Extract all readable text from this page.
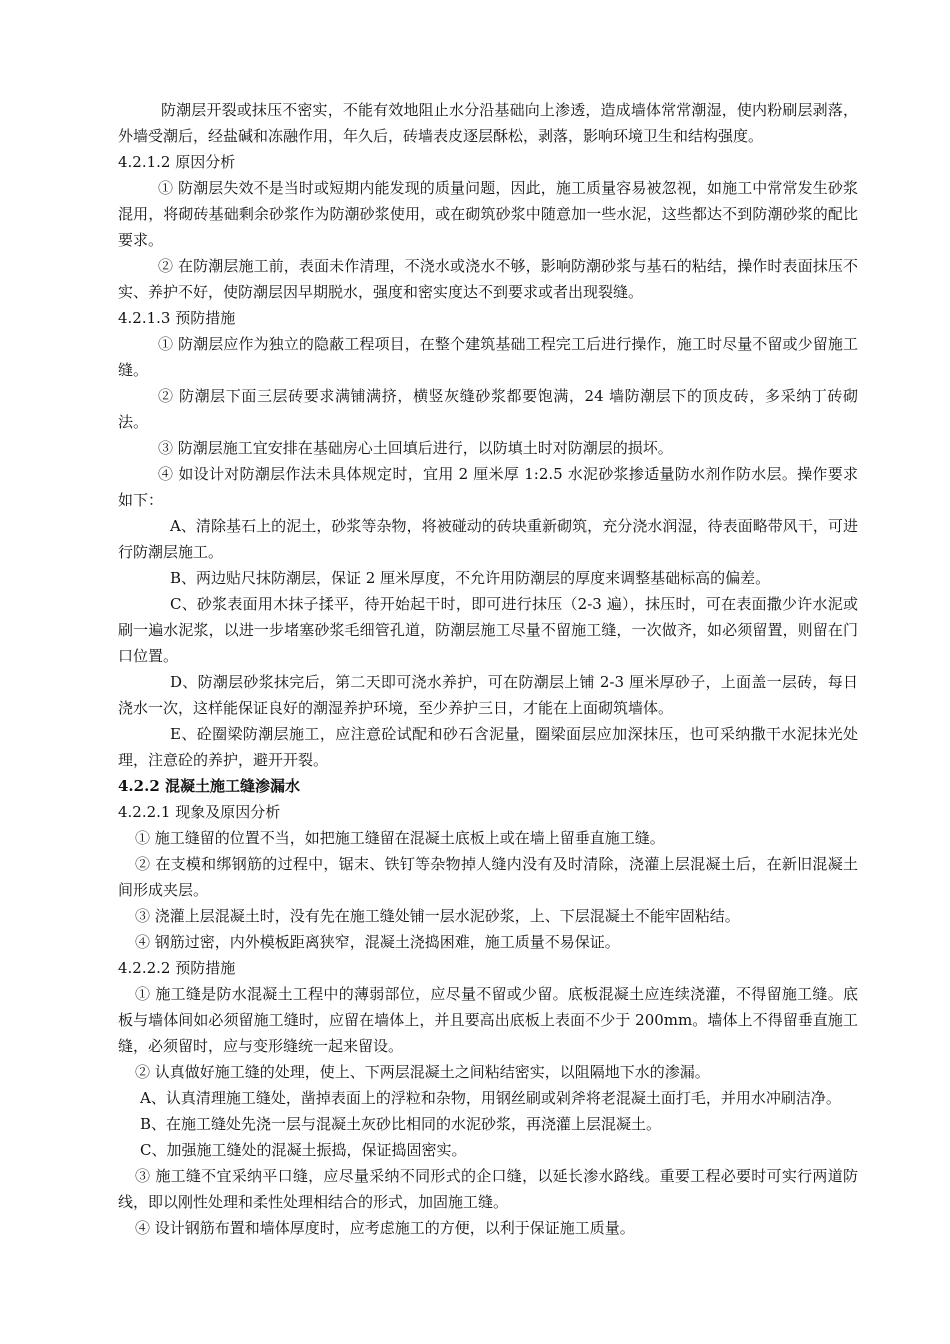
防潮层开裂或抹压不密实，不能有效地阻止水分沿基础向上渗透，造成墙体常常潮湿，使内粉刷层剥落，外墙受潮后，经盐碱和冻融作用，年久后，砖墙表皮逐层酥松，剥落，影响环境卫生和结构强度。

4.2.1.2 原因分析

① 防潮层失效不是当时或短期内能发现的质量问题，因此，施工质量容易被忽视，如施工中常常发生砂浆混用，将砌砖基础剩余砂浆作为防潮砂浆使用，或在砌筑砂浆中随意加一些水泥，这些都达不到防潮砂浆的配比要求。

② 在防潮层施工前，表面未作清理，不浇水或浇水不够，影响防潮砂浆与基石的粘结，操作时表面抹压不实、养护不好，使防潮层因早期脱水，强度和密实度达不到要求或者出现裂缝。

4.2.1.3 预防措施

① 防潮层应作为独立的隐蔽工程项目，在整个建筑基础工程完工后进行操作，施工时尽量不留或少留施工缝。

② 防潮层下面三层砖要求满铺满挤，横竖灰缝砂浆都要饱满，24 墙防潮层下的顶皮砖，多采纳丁砖砌法。

③ 防潮层施工宜安排在基础房心土回填后进行，以防填土时对防潮层的损坏。

④ 如设计对防潮层作法未具体规定时，宜用 2 厘米厚 1:2.5 水泥砂浆掺适量防水剂作防水层。操作要求如下：

A、清除基石上的泥土，砂浆等杂物，将被碰动的砖块重新砌筑，充分浇水润湿，待表面略带风干，可进行防潮层施工。

B、两边贴尺抹防潮层，保证 2 厘米厚度，不允许用防潮层的厚度来调整基础标高的偏差。

C、砂浆表面用木抹子揉平，待开始起干时，即可进行抹压（2-3 遍），抹压时，可在表面撒少许水泥或刷一遍水泥浆，以进一步堵塞砂浆毛细管孔道，防潮层施工尽量不留施工缝，一次做齐，如必须留置，则留在门口位置。

D、防潮层砂浆抹完后，第二天即可浇水养护，可在防潮层上铺 2-3 厘米厚砂子，上面盖一层砖，每日浇水一次，这样能保证良好的潮湿养护环境，至少养护三日，才能在上面砌筑墙体。

E、砼圈梁防潮层施工，应注意砼试配和砂石含泥量，圈梁面层应加深抹压，也可采纳撒干水泥抹光处理，注意砼的养护，避开开裂。

4.2.2 混凝土施工缝渗漏水

4.2.2.1 现象及原因分析

① 施工缝留的位置不当，如把施工缝留在混凝土底板上或在墙上留垂直施工缝。

② 在支模和绑钢筋的过程中，锯末、铁钉等杂物掉人缝内没有及时清除，浇灌上层混凝土后，在新旧混凝土间形成夹层。

③ 浇灌上层混凝土时，没有先在施工缝处铺一层水泥砂浆，上、下层混凝土不能牢固粘结。

④ 钢筋过密，内外模板距离狭窄，混凝土浇捣困难，施工质量不易保证。

4.2.2.2 预防措施

① 施工缝是防水混凝土工程中的薄弱部位，应尽量不留或少留。底板混凝土应连续浇灌，不得留施工缝。底板与墙体间如必须留施工缝时，应留在墙体上，并且要高出底板上表面不少于 200mm。墙体上不得留垂直施工缝，必须留时，应与变形缝统一起来留设。

② 认真做好施工缝的处理，使上、下两层混凝土之间粘结密实，以阻隔地下水的渗漏。

A、认真清理施工缝处，凿掉表面上的浮粒和杂物，用钢丝刷或剁斧将老混凝土面打毛，并用水冲刷洁净。

B、在施工缝处先浇一层与混凝土灰砂比相同的水泥砂浆，再浇灌上层混凝土。

C、加强施工缝处的混凝土振捣，保证捣固密实。

③ 施工缝不宜采纳平口缝，应尽量采纳不同形式的企口缝，以延长渗水路线。重要工程必要时可实行两道防线，即以刚性处理和柔性处理相结合的形式，加固施工缝。

④ 设计钢筋布置和墙体厚度时，应考虑施工的方便，以利于保证施工质量。
